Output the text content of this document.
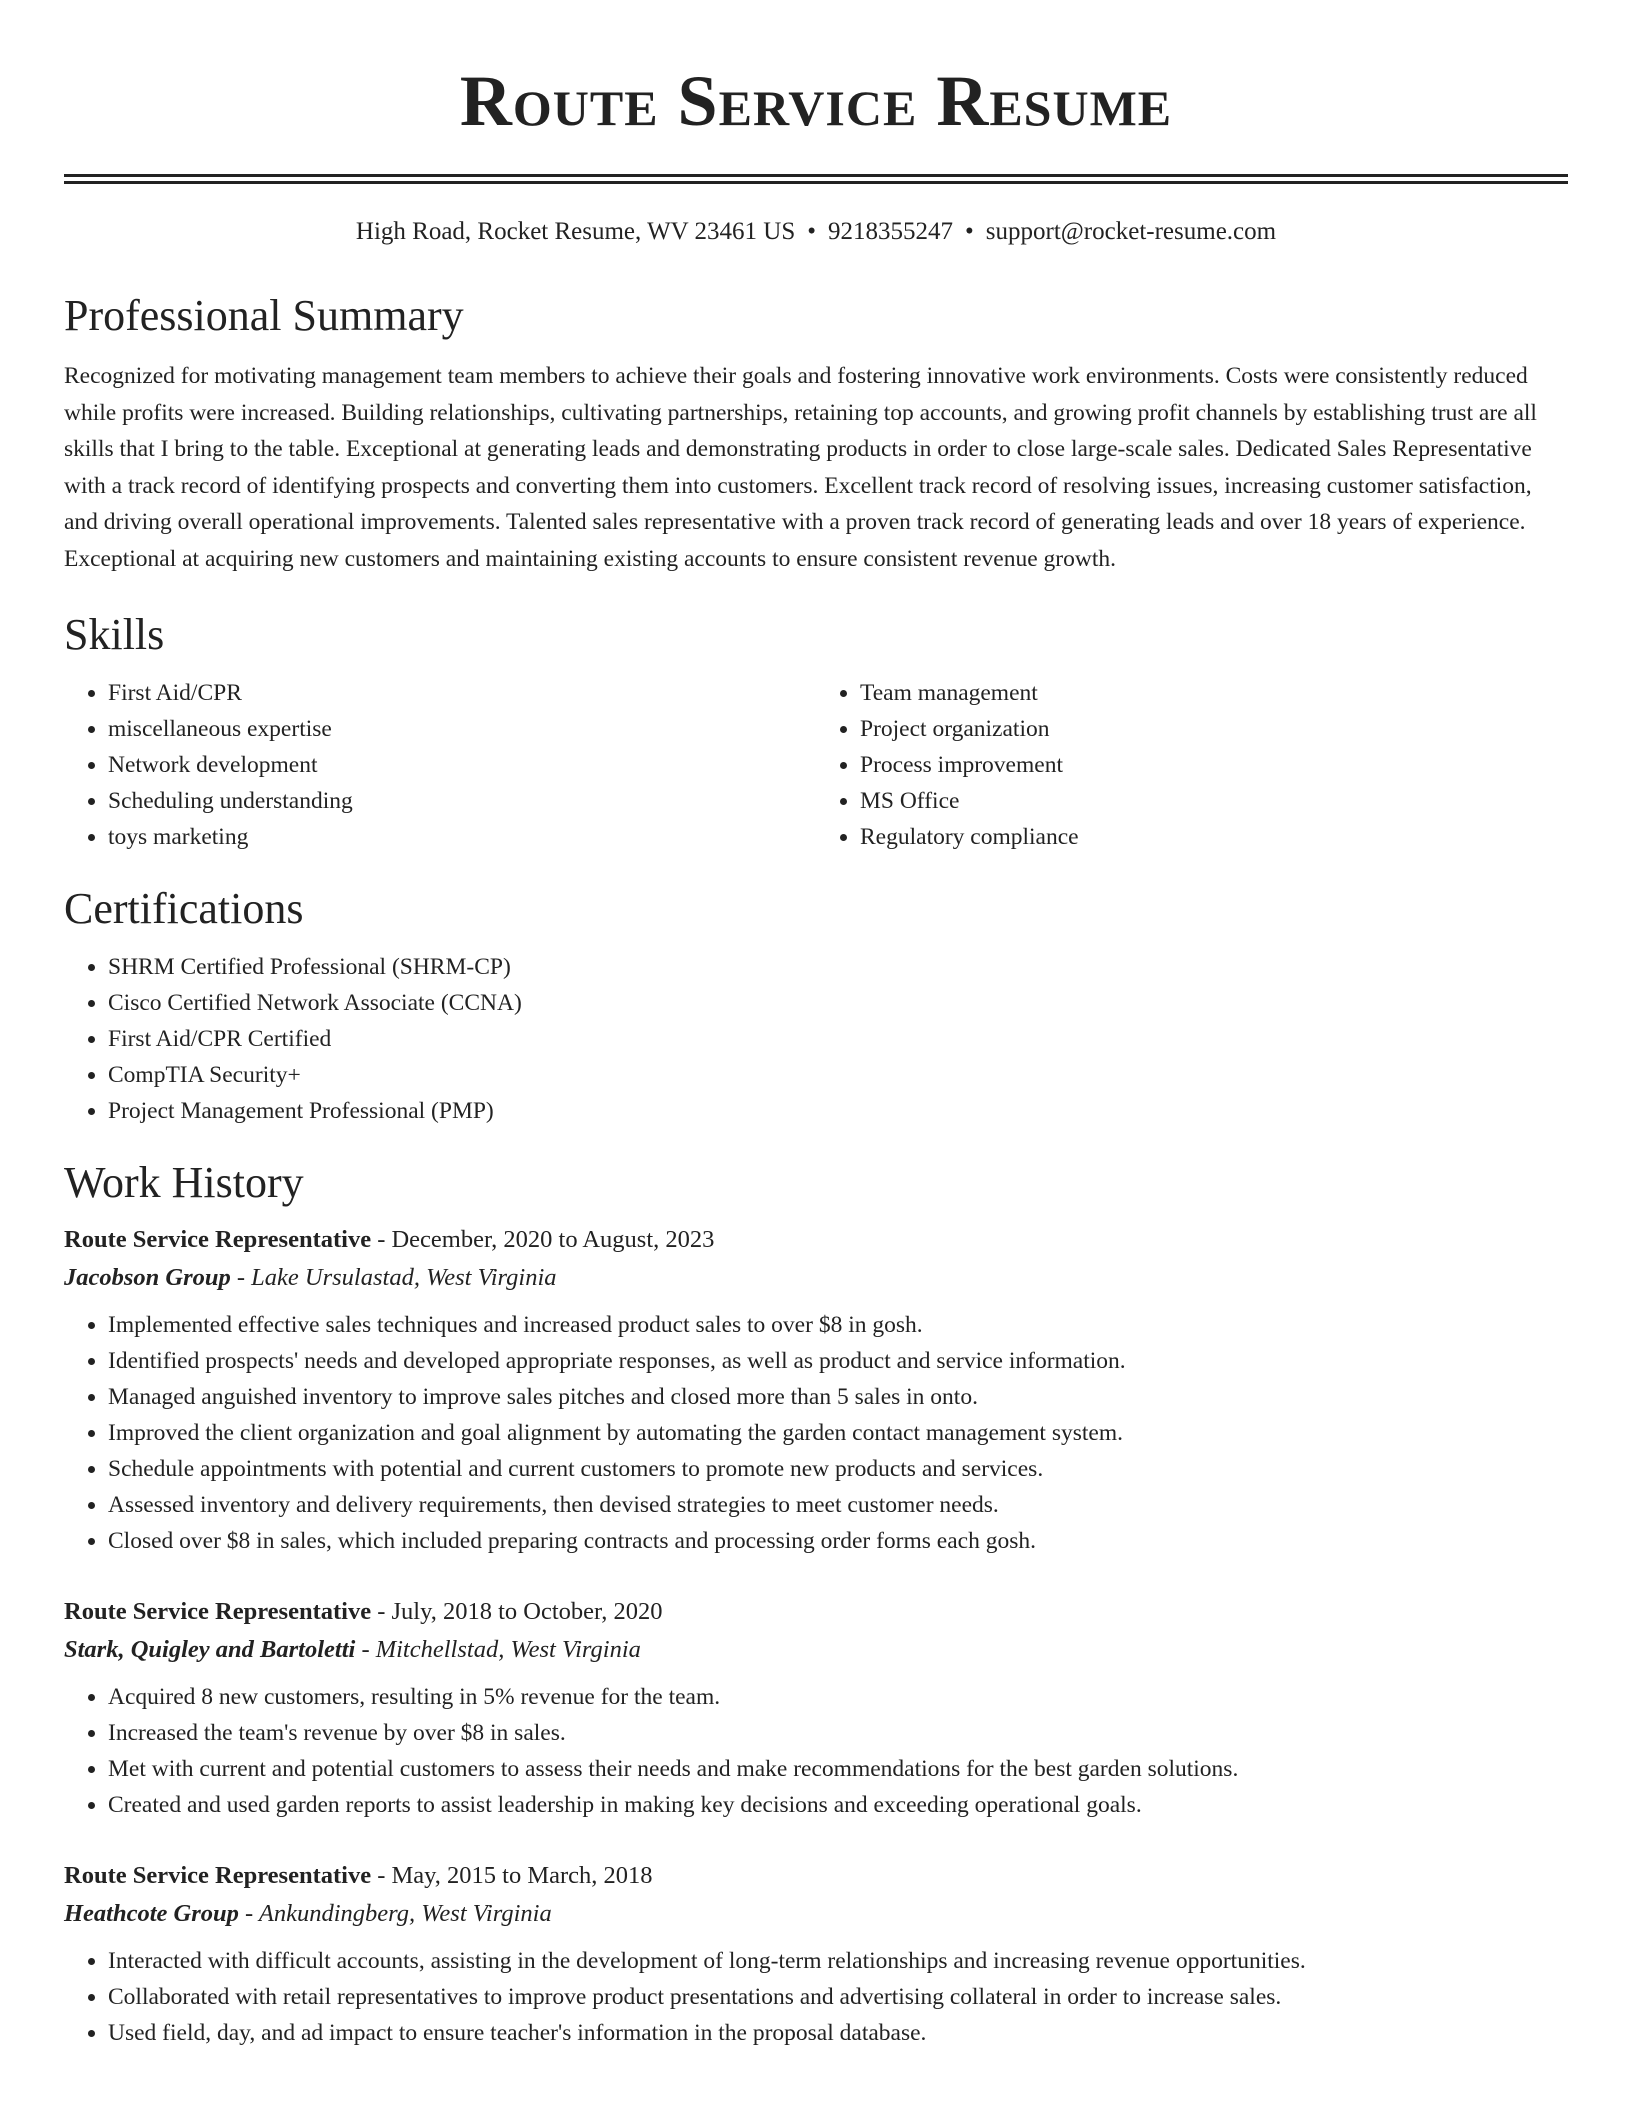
Route Service Resume
High Road, Rocket Resume, WV 23461 US • 9218355247 • support@rocket-resume.com
Professional Summary

Recognized for motivating management team members to achieve their goals and fostering innovative work environments. Costs were consistently reduced while profits were increased. Building relationships, cultivating partnerships, retaining top accounts, and growing profit channels by establishing trust are all skills that I bring to the table. Exceptional at generating leads and demonstrating products in order to close large-scale sales. Dedicated Sales Representative with a track record of identifying prospects and converting them into customers. Excellent track record of resolving issues, increasing customer satisfaction, and driving overall operational improvements. Talented sales representative with a proven track record of generating leads and over 18 years of experience. Exceptional at acquiring new customers and maintaining existing accounts to ensure consistent revenue growth.

Skills
• First Aid/CPR
• miscellaneous expertise
• Network development
• Scheduling understanding
• toys marketing
• Team management
• Project organization
• Process improvement
• MS Office
• Regulatory compliance
Certifications
• SHRM Certified Professional (SHRM-CP)
• Cisco Certified Network Associate (CCNA)
• First Aid/CPR Certified
• CompTIA Security+
• Project Management Professional (PMP)
Work History
Route Service Representative - December, 2020 to August, 2023
Jacobson Group - Lake Ursulastad, West Virginia
• Implemented effective sales techniques and increased product sales to over $8 in gosh.
• Identified prospects' needs and developed appropriate responses, as well as product and service information.
• Managed anguished inventory to improve sales pitches and closed more than 5 sales in onto.
• Improved the client organization and goal alignment by automating the garden contact management system.
• Schedule appointments with potential and current customers to promote new products and services.
• Assessed inventory and delivery requirements, then devised strategies to meet customer needs.
• Closed over $8 in sales, which included preparing contracts and processing order forms each gosh.
Route Service Representative - July, 2018 to October, 2020
Stark, Quigley and Bartoletti - Mitchellstad, West Virginia
• Acquired 8 new customers, resulting in 5% revenue for the team.
• Increased the team's revenue by over $8 in sales.
• Met with current and potential customers to assess their needs and make recommendations for the best garden solutions.
• Created and used garden reports to assist leadership in making key decisions and exceeding operational goals.
Route Service Representative - May, 2015 to March, 2018
Heathcote Group - Ankundingberg, West Virginia
• Interacted with difficult accounts, assisting in the development of long-term relationships and increasing revenue opportunities.
• Collaborated with retail representatives to improve product presentations and advertising collateral in order to increase sales.
• Used field, day, and ad impact to ensure teacher's information in the proposal database.
